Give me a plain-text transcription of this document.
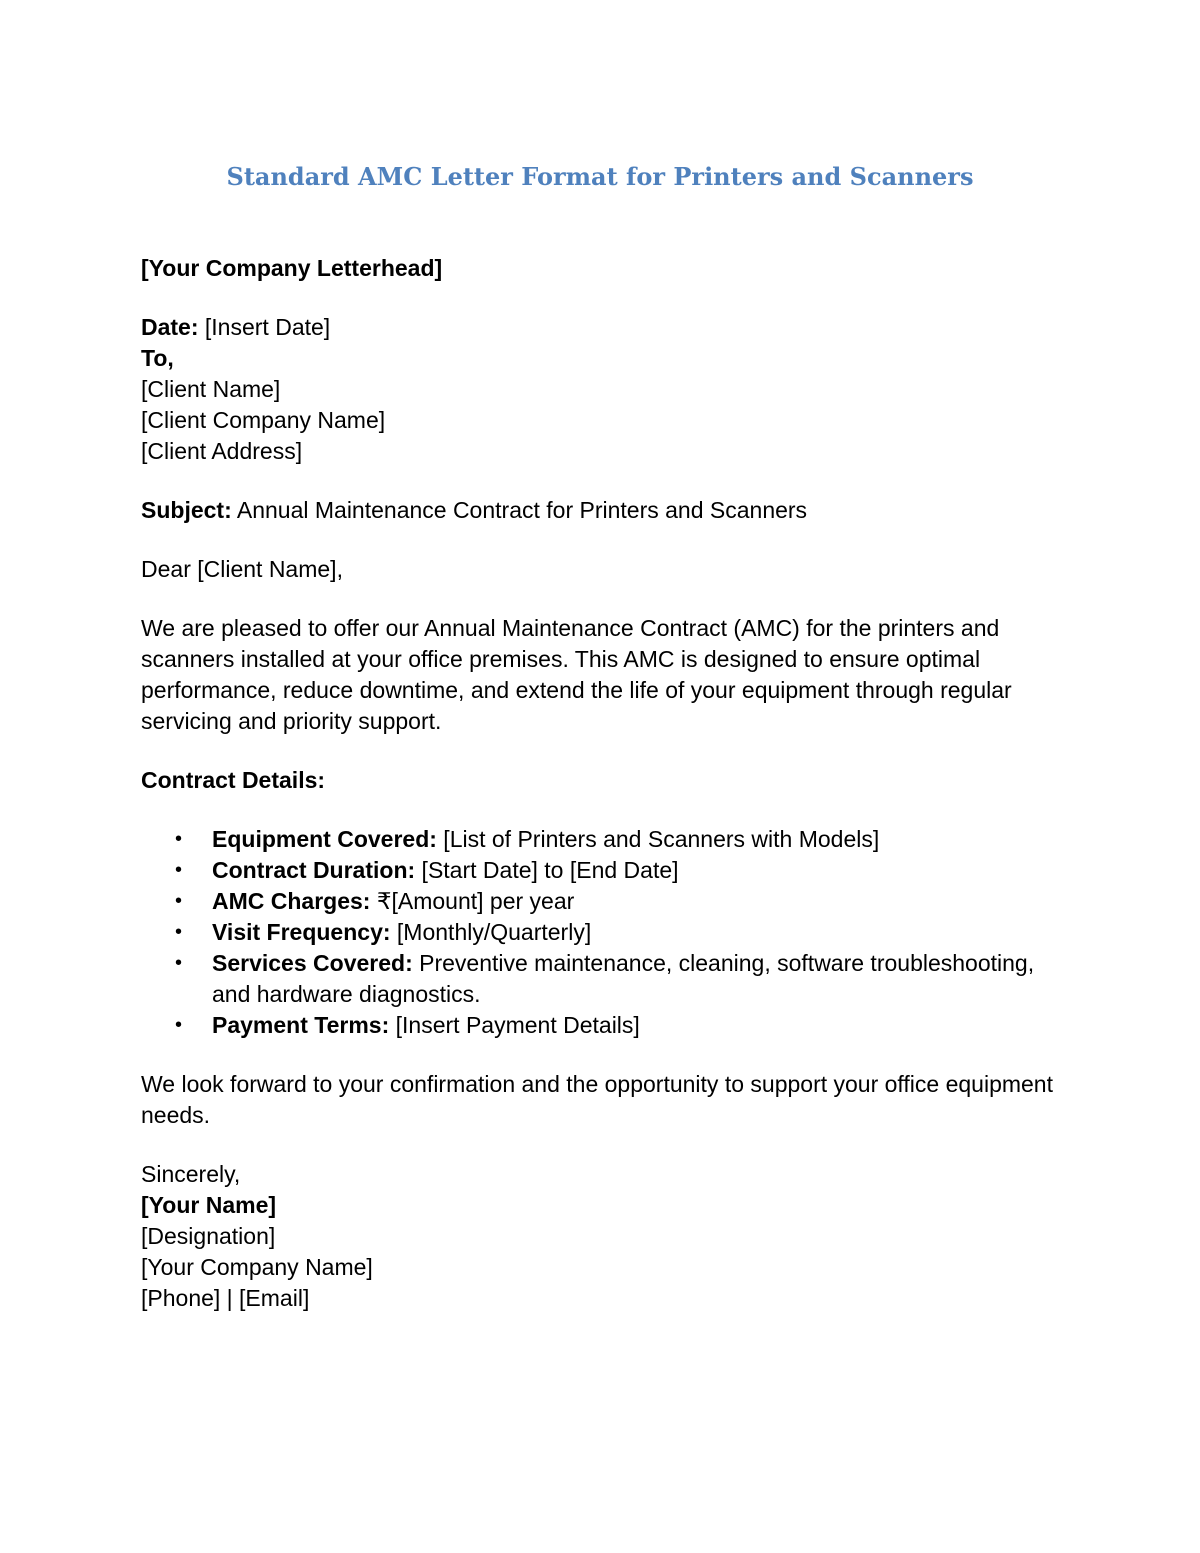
Standard AMC Letter Format for Printers and Scanners

[Your Company Letterhead]

Date: [Insert Date]

To,

[Client Name]

[Client Company Name]

[Client Address]

Subject: Annual Maintenance Contract for Printers and Scanners

Dear [Client Name],

We are pleased to offer our Annual Maintenance Contract (AMC) for the printers and scanners installed at your office premises. This AMC is designed to ensure optimal performance, reduce downtime, and extend the life of your equipment through regular servicing and priority support.

Contract Details:

• Equipment Covered: [List of Printers and Scanners with Models]
• Contract Duration: [Start Date] to [End Date]
• AMC Charges: ₹[Amount] per year
• Visit Frequency: [Monthly/Quarterly]
• Services Covered: Preventive maintenance, cleaning, software troubleshooting, and hardware diagnostics.
• Payment Terms: [Insert Payment Details]

We look forward to your confirmation and the opportunity to support your office equipment needs.

Sincerely,

[Your Name]

[Designation]

[Your Company Name]

[Phone] | [Email]
